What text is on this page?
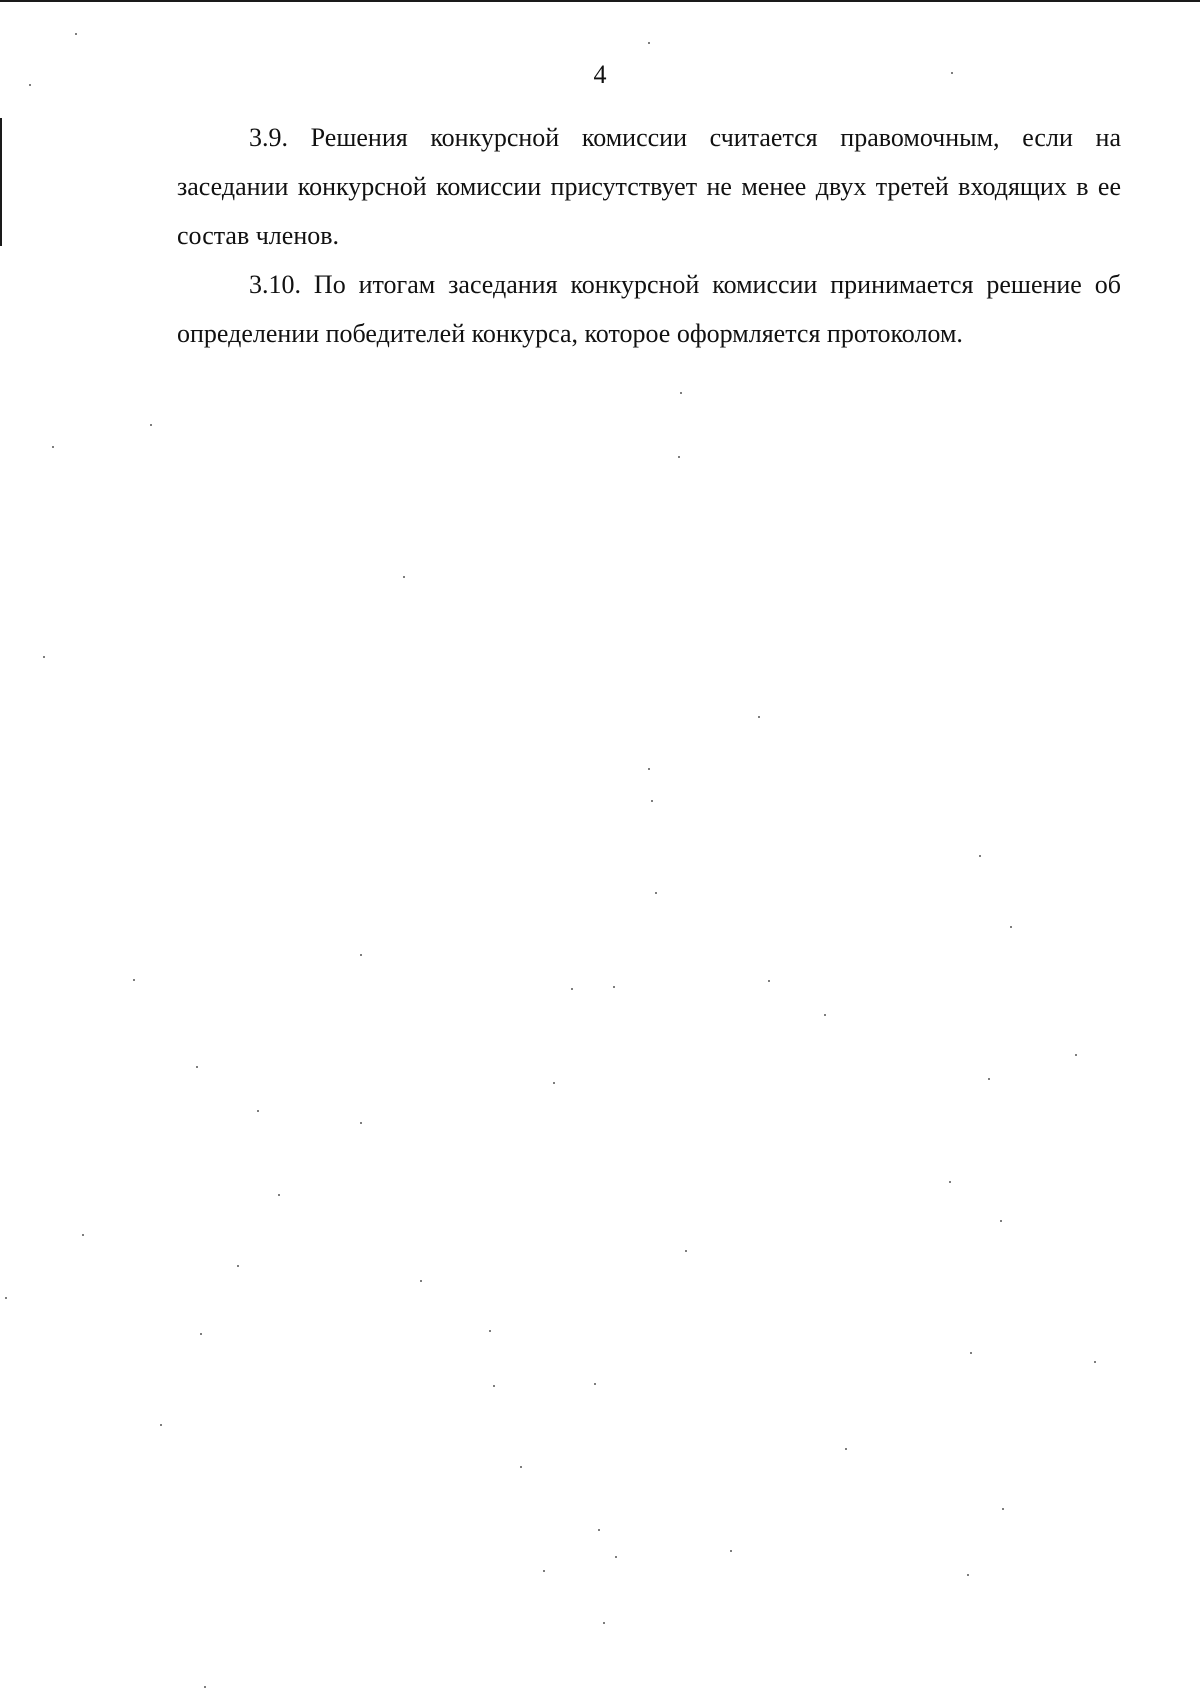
4

3.9. Решения конкурсной комиссии считается правомочным, если на заседании конкурсной комиссии присутствует не менее двух третей входящих в ее состав членов.

3.10. По итогам заседания конкурсной комиссии принимается решение об определении победителей конкурса, которое оформляется протоколом.
